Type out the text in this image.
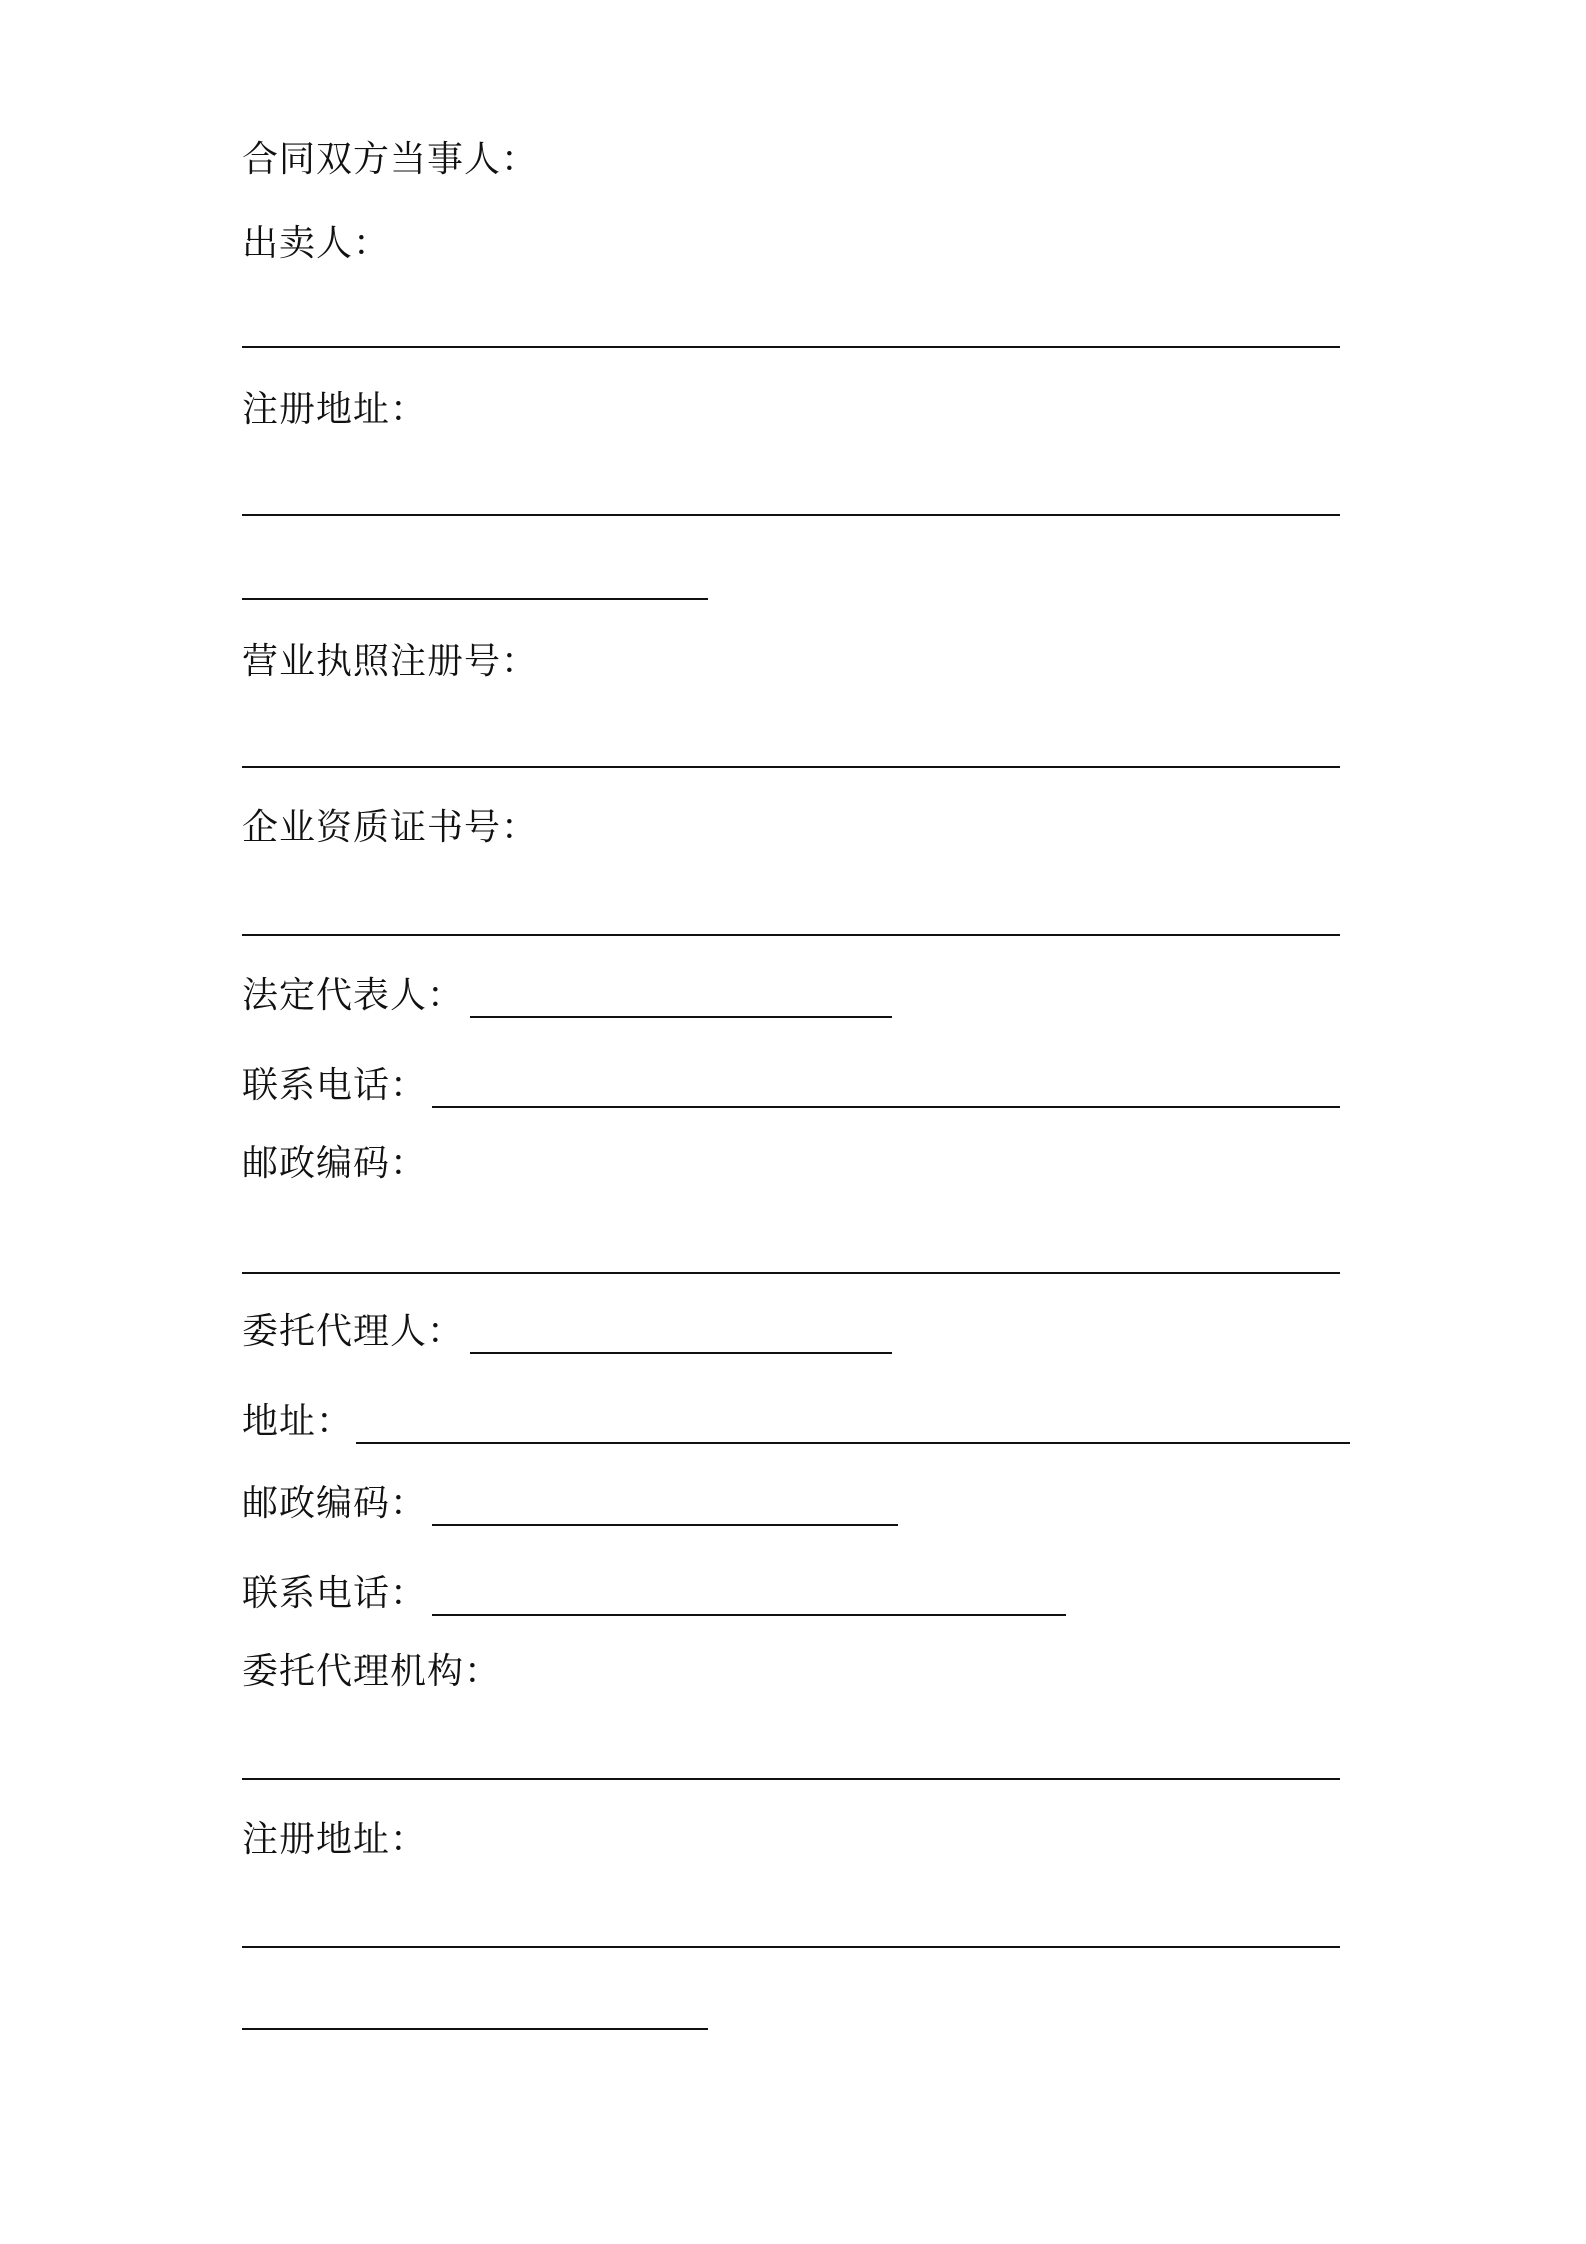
合同双方当事人：
出卖人：
注册地址：
营业执照注册号：
企业资质证书号：
法定代表人：
联系电话：
邮政编码：
委托代理人：
地址：
邮政编码：
联系电话：
委托代理机构：
注册地址：
